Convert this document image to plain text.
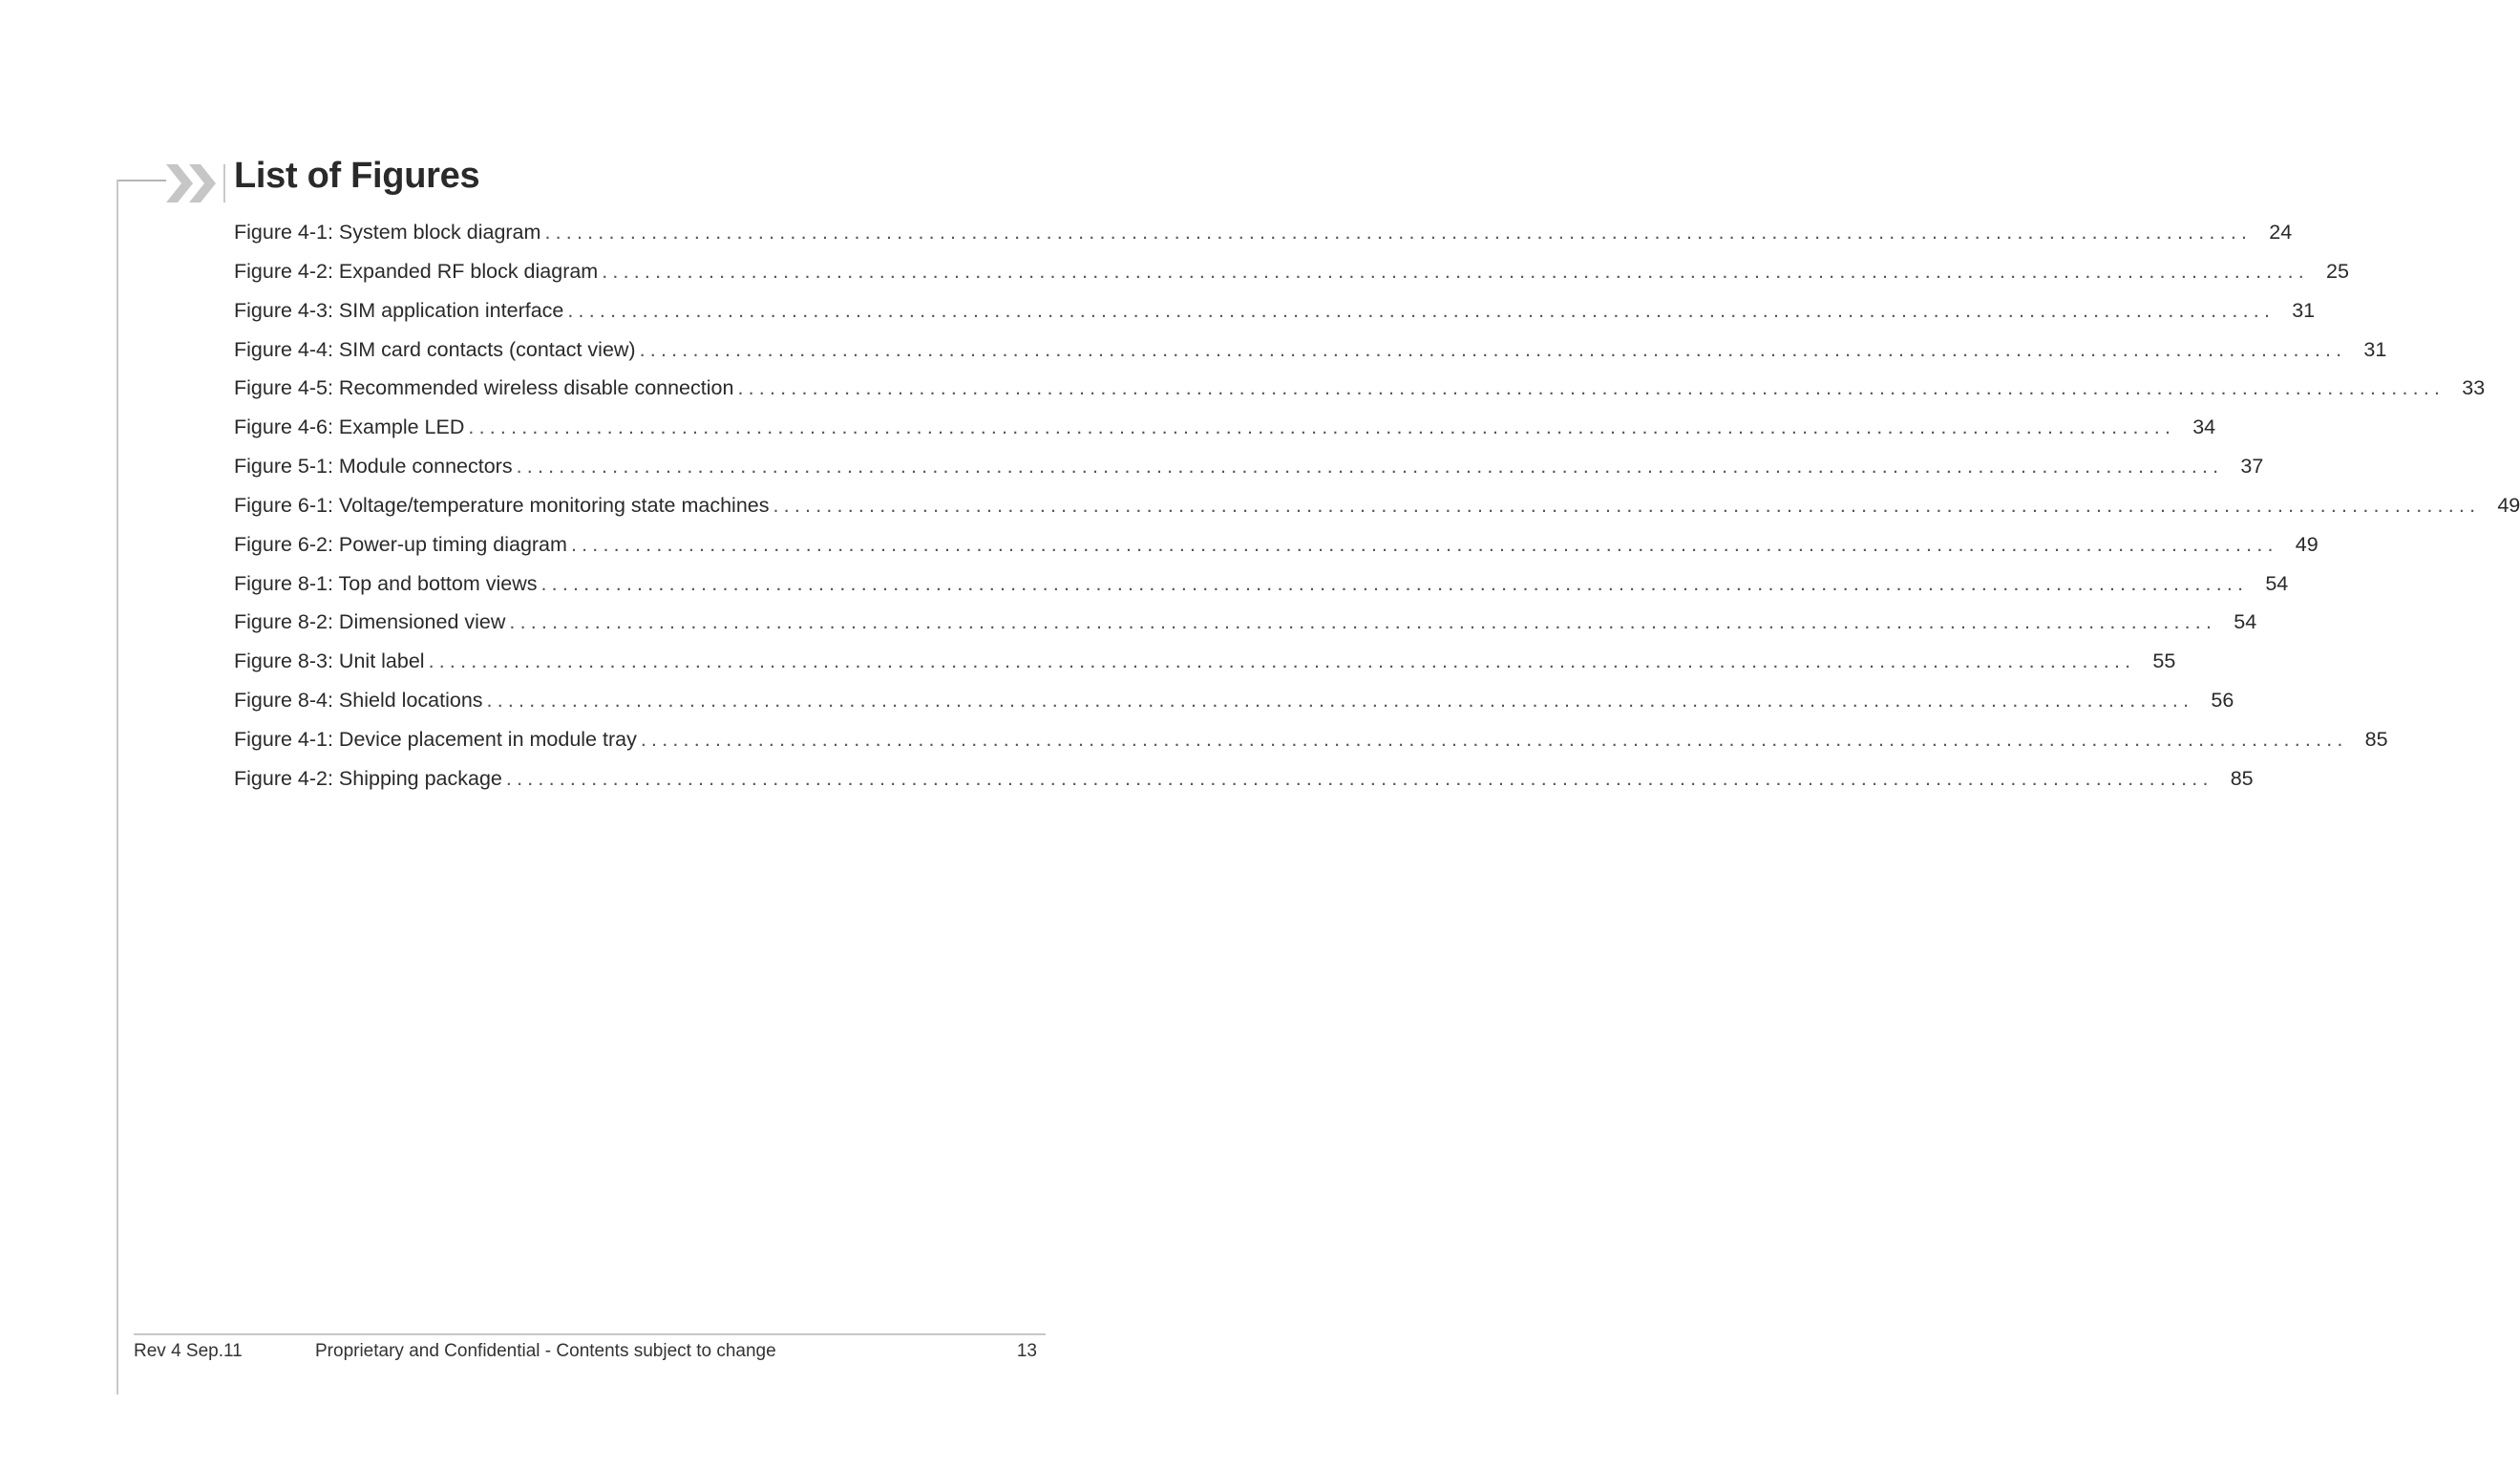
List of Figures
Figure 4-1: System block diagram ................................................................................................................................................................ 24
Figure 4-2: Expanded RF block diagram ................................................................................................................................................................ 25
Figure 4-3: SIM application interface ................................................................................................................................................................ 31
Figure 4-4: SIM card contacts (contact view) ................................................................................................................................................................ 31
Figure 4-5: Recommended wireless disable connection ................................................................................................................................................................ 33
Figure 4-6: Example LED ................................................................................................................................................................ 34
Figure 5-1: Module connectors ................................................................................................................................................................ 37
Figure 6-1: Voltage/temperature monitoring state machines ................................................................................................................................................................ 49
Figure 6-2: Power-up timing diagram ................................................................................................................................................................ 49
Figure 8-1: Top and bottom views ................................................................................................................................................................ 54
Figure 8-2: Dimensioned view ................................................................................................................................................................ 54
Figure 8-3: Unit label ................................................................................................................................................................ 55
Figure 8-4: Shield locations ................................................................................................................................................................ 56
Figure 4-1: Device placement in module tray ................................................................................................................................................................ 85
Figure 4-2: Shipping package ................................................................................................................................................................ 85
Rev 4 Sep.11	Proprietary and Confidential - Contents subject to change	13
